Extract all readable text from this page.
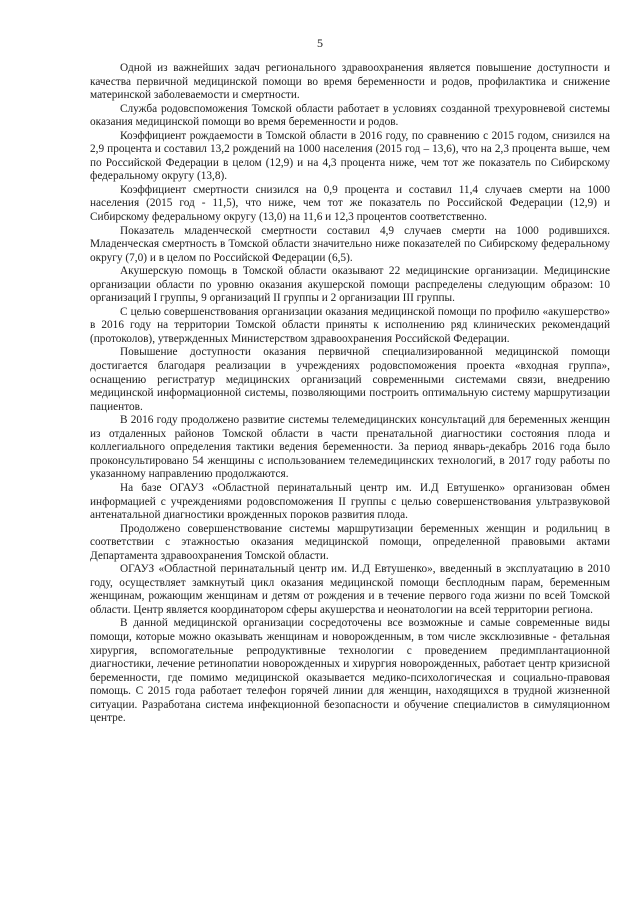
5

Одной из важнейших задач регионального здравоохранения является повышение доступности и качества первичной медицинской помощи во время беременности и родов, профилактика и снижение материнской заболеваемости и смертности.

Служба родовспоможения Томской области работает в условиях созданной трехуровневой системы оказания медицинской помощи во время беременности и родов.

Коэффициент рождаемости в Томской области в 2016 году, по сравнению с 2015 годом, снизился на 2,9 процента и составил 13,2 рождений на 1000 населения (2015 год – 13,6), что на 2,3 процента выше, чем по Российской Федерации в целом (12,9) и на 4,3 процента ниже, чем тот же показатель по Сибирскому федеральному округу (13,8).

Коэффициент смертности снизился на 0,9 процента и составил 11,4 случаев смерти на 1000 населения (2015 год - 11,5), что ниже, чем тот же показатель по Российской Федерации (12,9) и Сибирскому федеральному округу (13,0) на 11,6 и 12,3 процентов соответственно.

Показатель младенческой смертности составил 4,9 случаев смерти на 1000 родившихся. Младенческая смертность в Томской области значительно ниже показателей по Сибирскому федеральному округу (7,0) и в целом по Российской Федерации (6,5).

Акушерскую помощь в Томской области оказывают 22 медицинские организации. Медицинские организации области по уровню оказания акушерской помощи распределены следующим образом: 10 организаций I группы, 9 организаций II группы и 2 организации III группы.

С целью совершенствования организации оказания медицинской помощи по профилю «акушерство» в 2016 году на территории Томской области приняты к исполнению ряд клинических рекомендаций (протоколов), утвержденных Министерством здравоохранения Российской Федерации.

Повышение доступности оказания первичной специализированной медицинской помощи достигается благодаря реализации в учреждениях родовспоможения проекта «входная группа», оснащению регистратур медицинских организаций современными системами связи, внедрению медицинской информационной системы, позволяющими построить оптимальную систему маршрутизации пациентов.

В 2016 году продолжено развитие системы телемедицинских консультаций для беременных женщин из отдаленных районов Томской области в части пренатальной диагностики состояния плода и коллегиального определения тактики ведения беременности. За период январь-декабрь 2016 года было проконсультировано 54 женщины с использованием телемедицинских технологий, в 2017 году работы по указанному направлению продолжаются.

На базе ОГАУЗ «Областной перинатальный центр им. И.Д Евтушенко» организован обмен информацией с учреждениями родовспоможения II группы с целью совершенствования ультразвуковой антенатальной диагностики врожденных пороков развития плода.

Продолжено совершенствование системы маршрутизации беременных женщин и родильниц в соответствии с этажностью оказания медицинской помощи, определенной правовыми актами Департамента здравоохранения Томской области.

ОГАУЗ «Областной перинатальный центр им. И.Д Евтушенко», введенный в эксплуатацию в 2010 году, осуществляет замкнутый цикл оказания медицинской помощи бесплодным парам, беременным женщинам, рожающим женщинам и детям от рождения и в течение первого года жизни по всей Томской области. Центр является координатором сферы акушерства и неонатологии на всей территории региона.

В данной медицинской организации сосредоточены все возможные и самые современные виды помощи, которые можно оказывать женщинам и новорожденным, в том числе эксклюзивные - фетальная хирургия, вспомогательные репродуктивные технологии с проведением предимплантационной диагностики, лечение ретинопатии новорожденных и хирургия новорожденных, работает центр кризисной беременности, где помимо медицинской оказывается медико-психологическая и социально-правовая помощь. С 2015 года работает телефон горячей линии для женщин, находящихся в трудной жизненной ситуации. Разработана система инфекционной безопасности и обучение специалистов в симуляционном центре.
